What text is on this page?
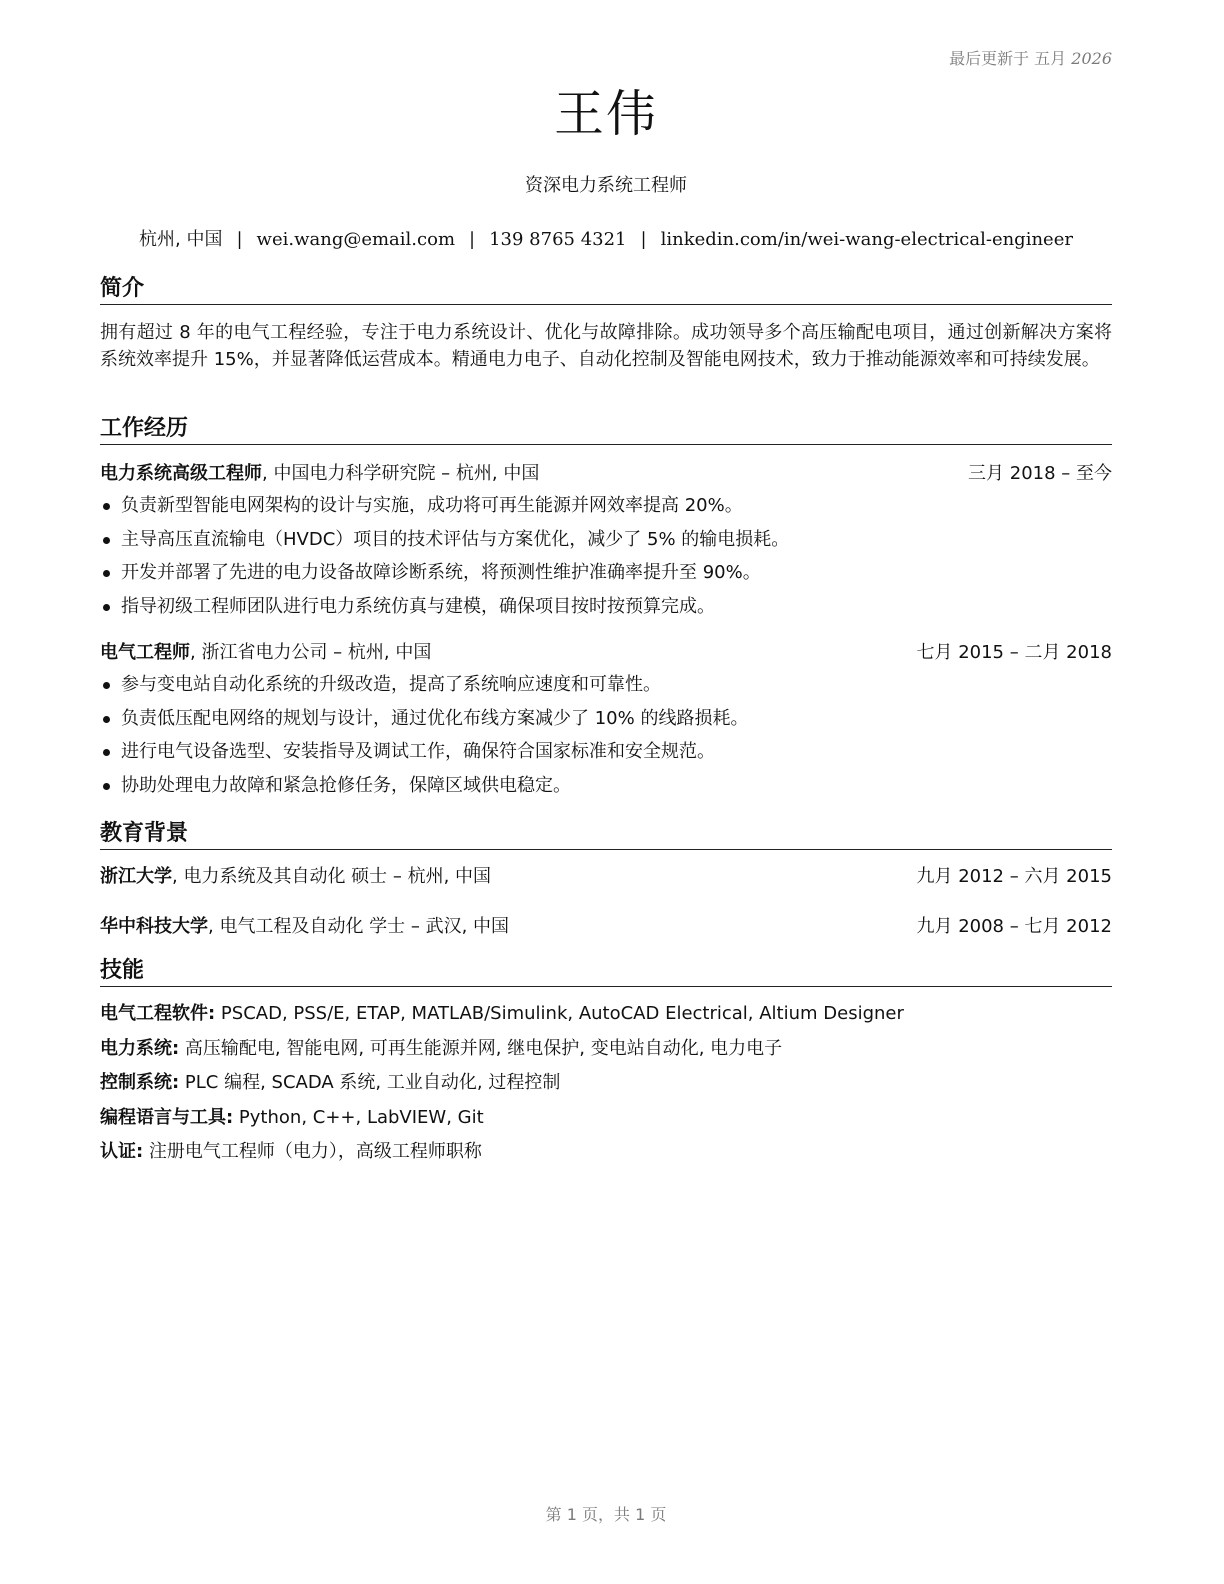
最后更新于 五月 2026
王伟
资深电力系统工程师
杭州, 中国 | wei.wang@email.com | 139 8765 4321 | linkedin.com/in/wei-wang-electrical-engineer
简介
拥有超过 8 年的电气工程经验，专注于电力系统设计、优化与故障排除。成功领导多个高压输配电项目，通过创新解决方案将系统效率提升 15%，并显著降低运营成本。精通电力电子、自动化控制及智能电网技术，致力于推动能源效率和可持续发展。
工作经历
电力系统高级工程师, 中国电力科学研究院 – 杭州, 中国	三月 2018 – 至今
负责新型智能电网架构的设计与实施，成功将可再生能源并网效率提高 20%。
主导高压直流输电（HVDC）项目的技术评估与方案优化，减少了 5% 的输电损耗。
开发并部署了先进的电力设备故障诊断系统，将预测性维护准确率提升至 90%。
指导初级工程师团队进行电力系统仿真与建模，确保项目按时按预算完成。
电气工程师, 浙江省电力公司 – 杭州, 中国	七月 2015 – 二月 2018
参与变电站自动化系统的升级改造，提高了系统响应速度和可靠性。
负责低压配电网络的规划与设计，通过优化布线方案减少了 10% 的线路损耗。
进行电气设备选型、安装指导及调试工作，确保符合国家标准和安全规范。
协助处理电力故障和紧急抢修任务，保障区域供电稳定。
教育背景
浙江大学, 电力系统及其自动化 硕士 – 杭州, 中国	九月 2012 – 六月 2015
华中科技大学, 电气工程及自动化 学士 – 武汉, 中国	九月 2008 – 七月 2012
技能
电气工程软件: PSCAD, PSS/E, ETAP, MATLAB/Simulink, AutoCAD Electrical, Altium Designer
电力系统: 高压输配电, 智能电网, 可再生能源并网, 继电保护, 变电站自动化, 电力电子
控制系统: PLC 编程, SCADA 系统, 工业自动化, 过程控制
编程语言与工具: Python, C++, LabVIEW, Git
认证: 注册电气工程师（电力），高级工程师职称
第 1 页，共 1 页
